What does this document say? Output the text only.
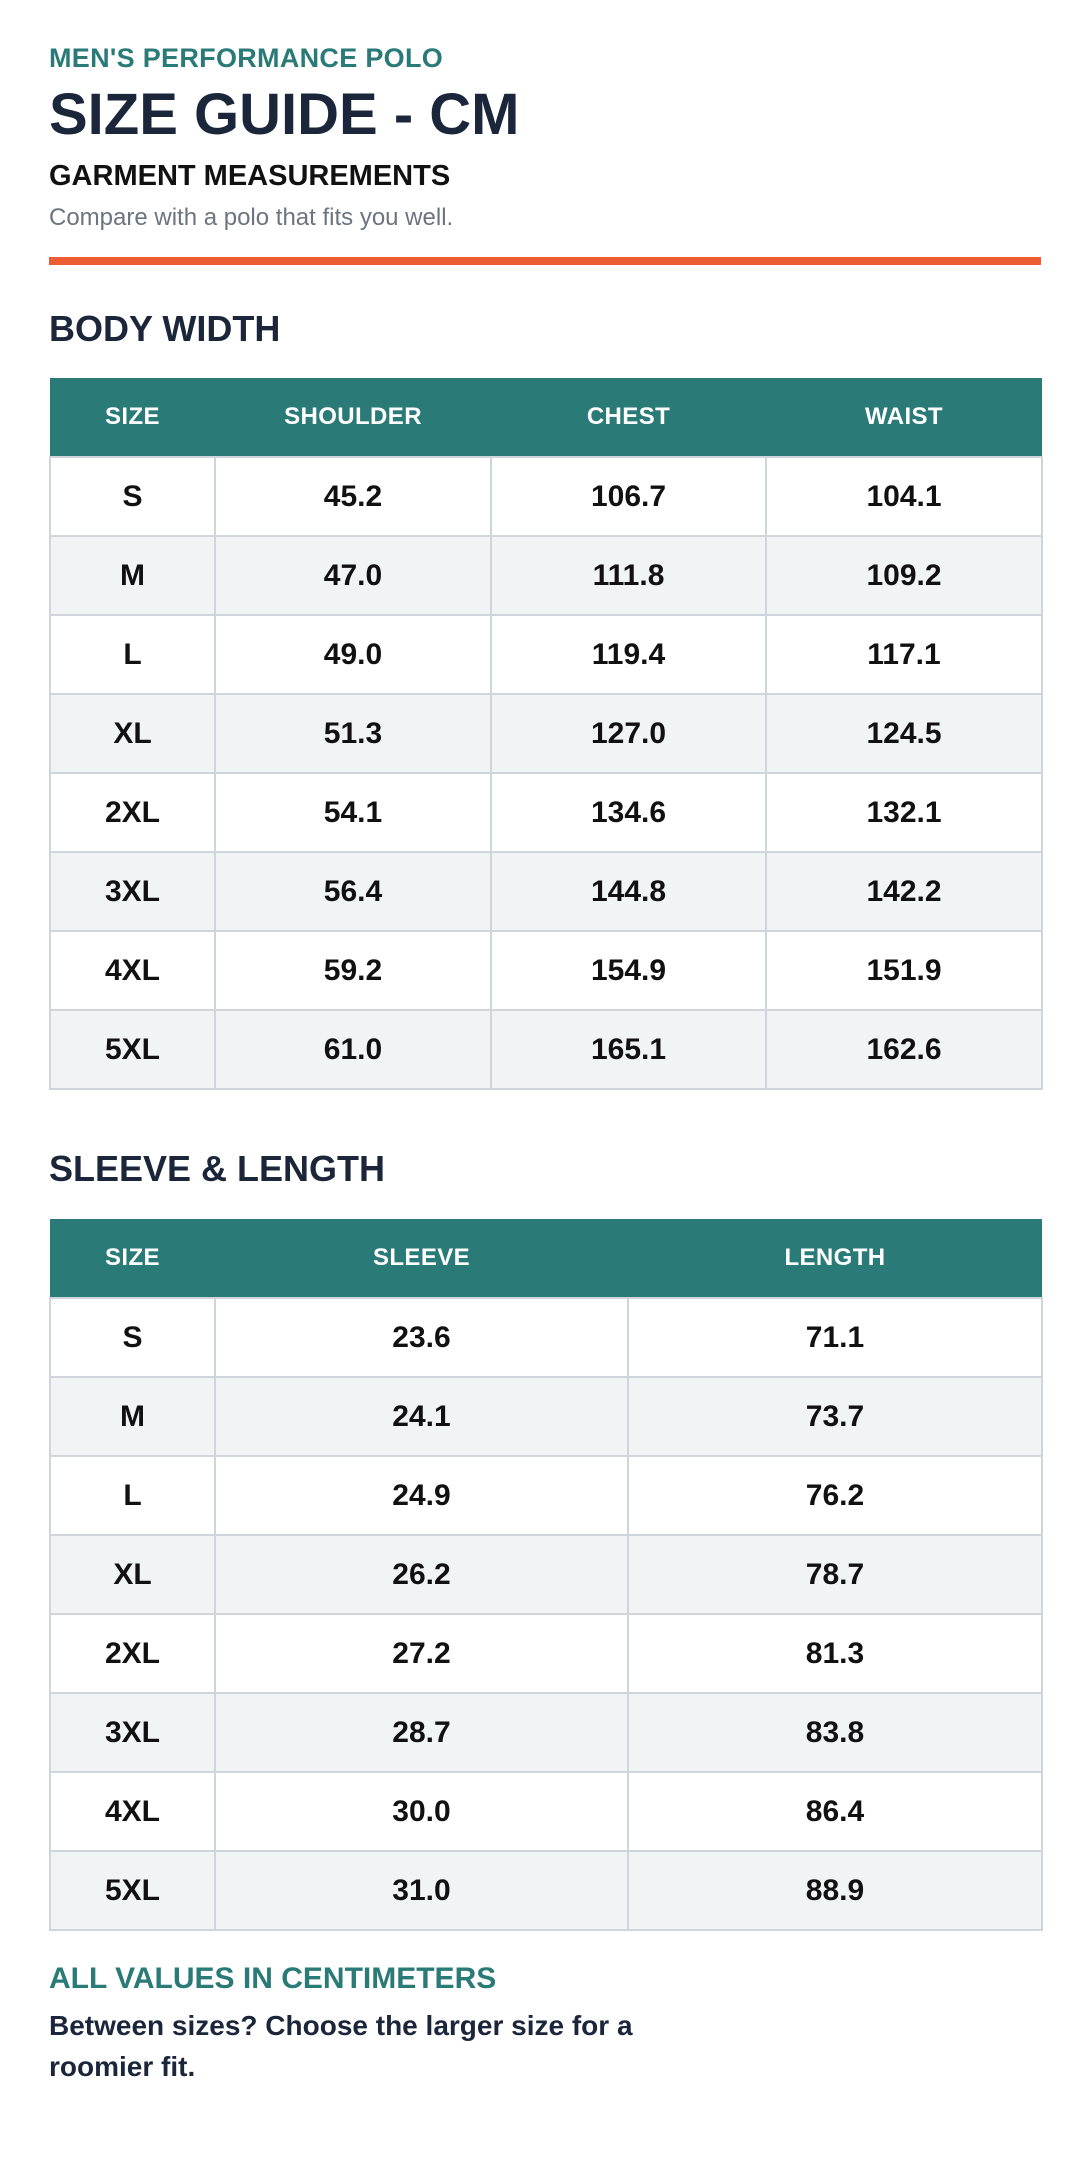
MEN'S PERFORMANCE POLO
SIZE GUIDE - CM
GARMENT MEASUREMENTS
Compare with a polo that fits you well.
BODY WIDTH
SIZE	SHOULDER	CHEST	WAIST
S	45.2	106.7	104.1
M	47.0	111.8	109.2
L	49.0	119.4	117.1
XL	51.3	127.0	124.5
2XL	54.1	134.6	132.1
3XL	56.4	144.8	142.2
4XL	59.2	154.9	151.9
5XL	61.0	165.1	162.6
SLEEVE & LENGTH
SIZE	SLEEVE	LENGTH
S	23.6	71.1
M	24.1	73.7
L	24.9	76.2
XL	26.2	78.7
2XL	27.2	81.3
3XL	28.7	83.8
4XL	30.0	86.4
5XL	31.0	88.9
ALL VALUES IN CENTIMETERS
Between sizes? Choose the larger size for a roomier fit.
